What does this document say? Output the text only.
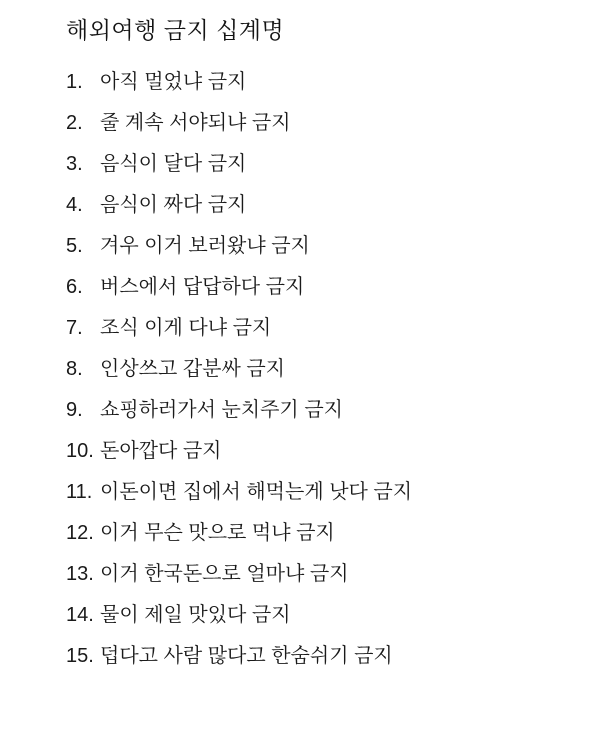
해외여행 금지 십계명
1. 아직 멀었냐 금지
2. 줄 계속 서야되냐 금지
3. 음식이 달다 금지
4. 음식이 짜다 금지
5. 겨우 이거 보러왔냐 금지
6. 버스에서 답답하다 금지
7. 조식 이게 다냐 금지
8. 인상쓰고 갑분싸 금지
9. 쇼핑하러가서 눈치주기 금지
10. 돈아깝다 금지
11. 이돈이면 집에서 해먹는게 낫다 금지
12. 이거 무슨 맛으로 먹냐 금지
13. 이거 한국돈으로 얼마냐 금지
14. 물이 제일 맛있다 금지
15. 덥다고 사람 많다고 한숨쉬기 금지
